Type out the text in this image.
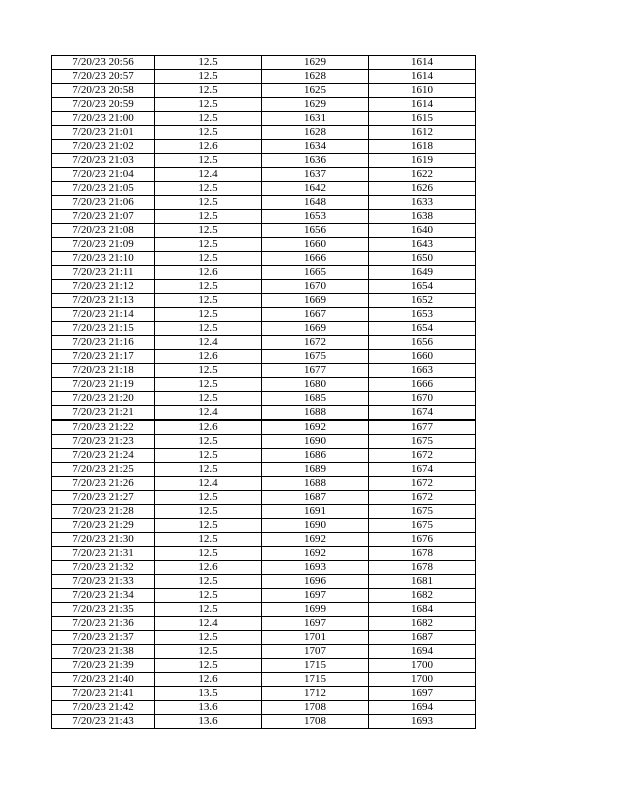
7/20/23 20:56	12.5	1629	1614
7/20/23 20:57	12.5	1628	1614
7/20/23 20:58	12.5	1625	1610
7/20/23 20:59	12.5	1629	1614
7/20/23 21:00	12.5	1631	1615
7/20/23 21:01	12.5	1628	1612
7/20/23 21:02	12.6	1634	1618
7/20/23 21:03	12.5	1636	1619
7/20/23 21:04	12.4	1637	1622
7/20/23 21:05	12.5	1642	1626
7/20/23 21:06	12.5	1648	1633
7/20/23 21:07	12.5	1653	1638
7/20/23 21:08	12.5	1656	1640
7/20/23 21:09	12.5	1660	1643
7/20/23 21:10	12.5	1666	1650
7/20/23 21:11	12.6	1665	1649
7/20/23 21:12	12.5	1670	1654
7/20/23 21:13	12.5	1669	1652
7/20/23 21:14	12.5	1667	1653
7/20/23 21:15	12.5	1669	1654
7/20/23 21:16	12.4	1672	1656
7/20/23 21:17	12.6	1675	1660
7/20/23 21:18	12.5	1677	1663
7/20/23 21:19	12.5	1680	1666
7/20/23 21:20	12.5	1685	1670
7/20/23 21:21	12.4	1688	1674
7/20/23 21:22	12.6	1692	1677
7/20/23 21:23	12.5	1690	1675
7/20/23 21:24	12.5	1686	1672
7/20/23 21:25	12.5	1689	1674
7/20/23 21:26	12.4	1688	1672
7/20/23 21:27	12.5	1687	1672
7/20/23 21:28	12.5	1691	1675
7/20/23 21:29	12.5	1690	1675
7/20/23 21:30	12.5	1692	1676
7/20/23 21:31	12.5	1692	1678
7/20/23 21:32	12.6	1693	1678
7/20/23 21:33	12.5	1696	1681
7/20/23 21:34	12.5	1697	1682
7/20/23 21:35	12.5	1699	1684
7/20/23 21:36	12.4	1697	1682
7/20/23 21:37	12.5	1701	1687
7/20/23 21:38	12.5	1707	1694
7/20/23 21:39	12.5	1715	1700
7/20/23 21:40	12.6	1715	1700
7/20/23 21:41	13.5	1712	1697
7/20/23 21:42	13.6	1708	1694
7/20/23 21:43	13.6	1708	1693
